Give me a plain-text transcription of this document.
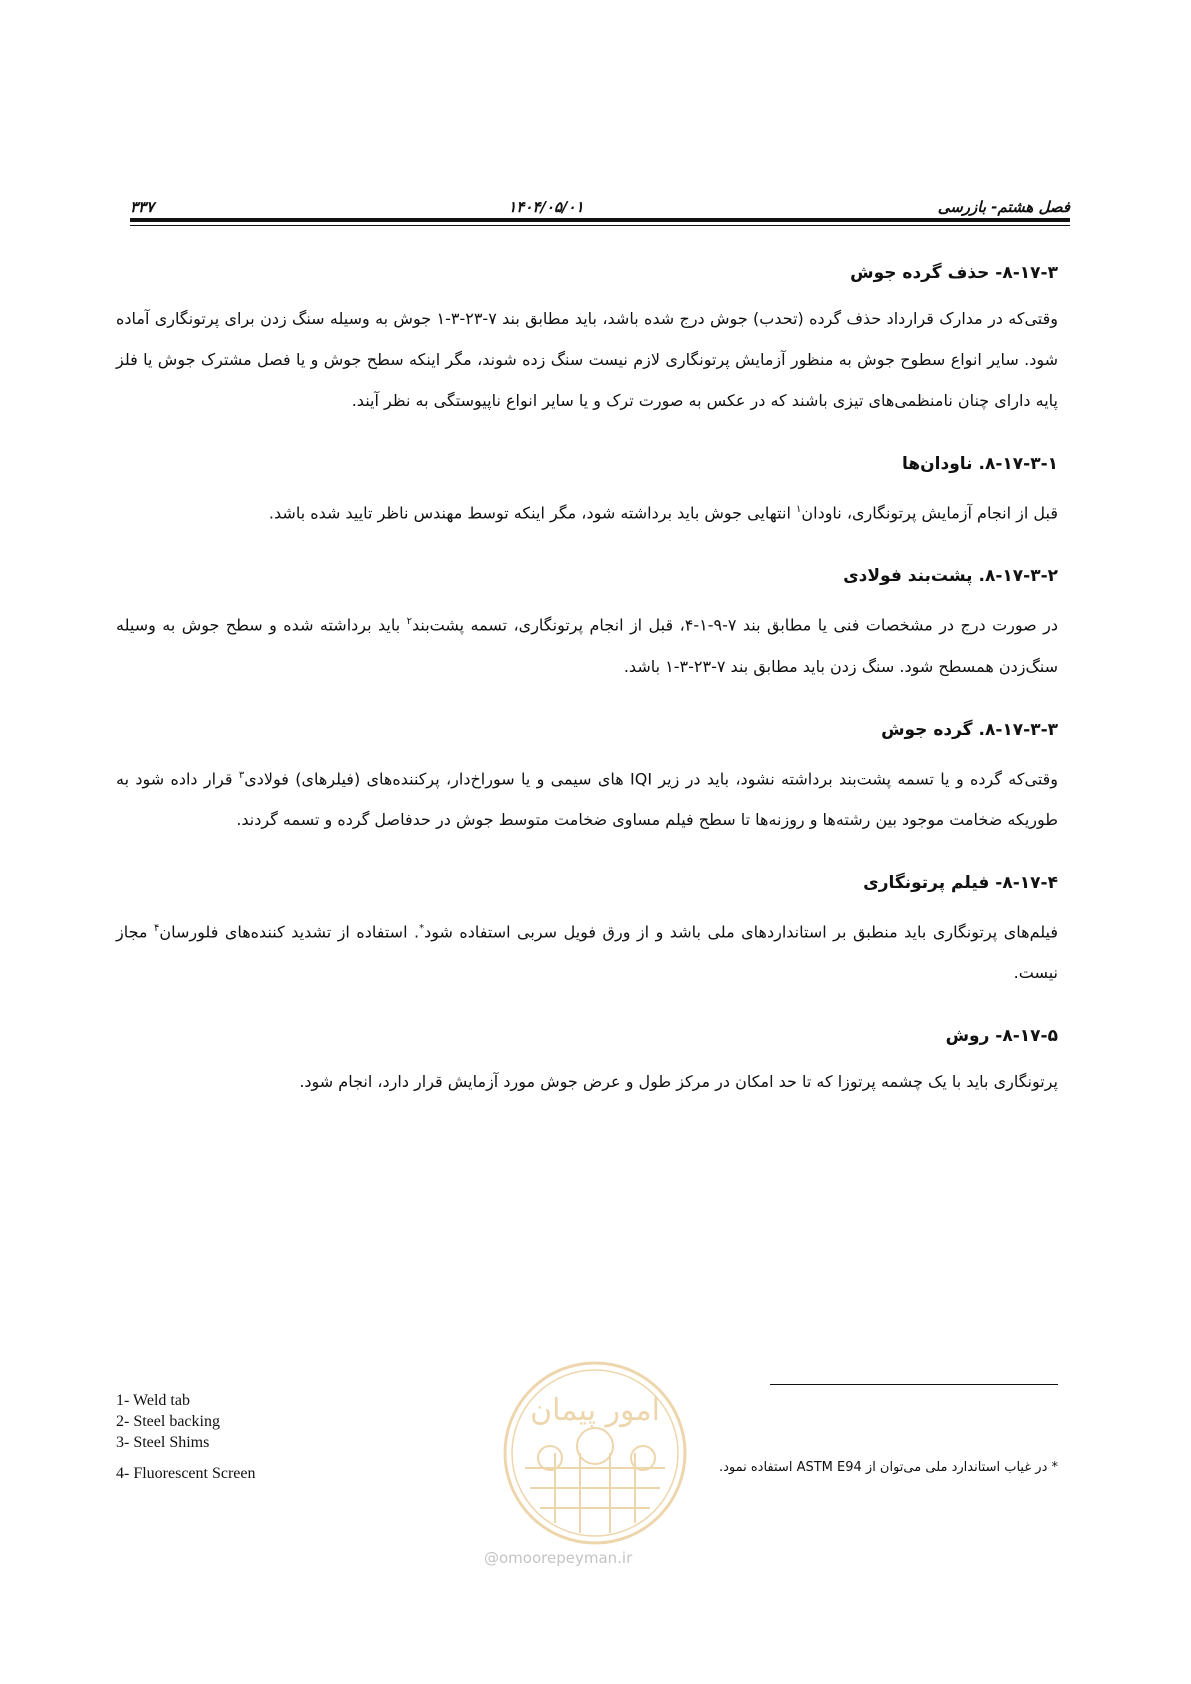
۳۳۷	۱۴۰۴/۰۵/۰۱	فصل هشتم- بازرسی
۸-۱۷-۳- حذف گرده جوش

وقتی‌که در مدارک قرارداد حذف گرده (تحدب) جوش درج شده باشد، باید مطابق بند ۷-۲۳-۳-۱ جوش به وسیله سنگ زدن برای پرتونگاری آماده شود. سایر انواع سطوح جوش به منظور آزمایش پرتونگاری لازم نیست سنگ زده شوند، مگر اینکه سطح جوش و یا فصل مشترک جوش یا فلز پایه دارای چنان نامنظمی‌های تیزی باشند که در عکس به صورت ترک و یا سایر انواع ناپیوستگی به نظر آیند.

۸-۱۷-۳-۱. ناودان‌ها

قبل از انجام آزمایش پرتونگاری، ناودان$^۱$ انتهایی جوش باید برداشته شود، مگر اینکه توسط مهندس ناظر تایید شده باشد.

۸-۱۷-۳-۲. پشت‌بند فولادی

در صورت درج در مشخصات فنی یا مطابق بند ۷-۹-۱-۴، قبل از انجام پرتونگاری، تسمه پشت‌بند$^۲$ باید برداشته شده و سطح جوش به وسیله سنگ‌زدن همسطح شود. سنگ زدن باید مطابق بند ۷-۲۳-۳-۱ باشد.

۸-۱۷-۳-۳. گرده جوش

وقتی‌که گرده و یا تسمه پشت‌بند برداشته نشود، باید در زیر IQI های سیمی و یا سوراخ‌دار، پرکننده‌های (فیلرهای) فولادی$^۳$ قرار داده شود به طوریکه ضخامت موجود بین رشته‌ها و روزنه‌ها تا سطح فیلم مساوی ضخامت متوسط جوش در حدفاصل گرده و تسمه گردند.

۸-۱۷-۴- فیلم پرتونگاری

فیلم‌های پرتونگاری باید منطبق بر استانداردهای ملی باشد و از ورق فویل سربی استفاده شود*. استفاده از تشدید کننده‌های فلورسان$^۴$ مجاز نیست.

۸-۱۷-۵- روش

پرتونگاری باید با یک چشمه پرتوزا که تا حد امکان در مرکز طول و عرض جوش مورد آزمایش قرار دارد، انجام شود.

1- Weld tab
2- Steel backing
3- Steel Shims
4- Fluorescent Screen	* در غیاب استاندارد ملی می‌توان از ASTM E94 استفاده نمود.
امور پیمان
@omoorepeyman.ir
